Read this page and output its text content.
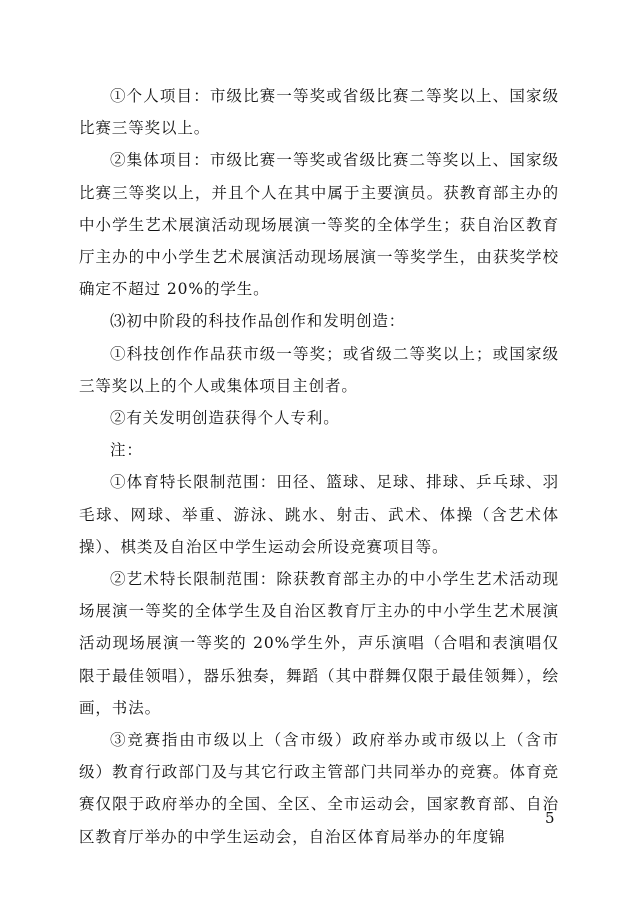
①个人项目：市级比赛一等奖或省级比赛二等奖以上、国家级比赛三等奖以上。

②集体项目：市级比赛一等奖或省级比赛二等奖以上、国家级比赛三等奖以上，并且个人在其中属于主要演员。获教育部主办的中小学生艺术展演活动现场展演一等奖的全体学生；获自治区教育厅主办的中小学生艺术展演活动现场展演一等奖学生，由获奖学校确定不超过 20%的学生。

⑶初中阶段的科技作品创作和发明创造：

①科技创作作品获市级一等奖；或省级二等奖以上；或国家级三等奖以上的个人或集体项目主创者。

②有关发明创造获得个人专利。

注：

①体育特长限制范围：田径、篮球、足球、排球、乒乓球、羽毛球、网球、举重、游泳、跳水、射击、武术、体操（含艺术体操）、棋类及自治区中学生运动会所设竞赛项目等。

②艺术特长限制范围：除获教育部主办的中小学生艺术活动现场展演一等奖的全体学生及自治区教育厅主办的中小学生艺术展演活动现场展演一等奖的 20%学生外，声乐演唱（合唱和表演唱仅限于最佳领唱），器乐独奏，舞蹈（其中群舞仅限于最佳领舞），绘画，书法。

③竞赛指由市级以上（含市级）政府举办或市级以上（含市级）教育行政部门及与其它行政主管部门共同举办的竞赛。体育竞赛仅限于政府举办的全国、全区、全市运动会，国家教育部、自治区教育厅举办的中学生运动会，自治区体育局举办的年度锦

5
